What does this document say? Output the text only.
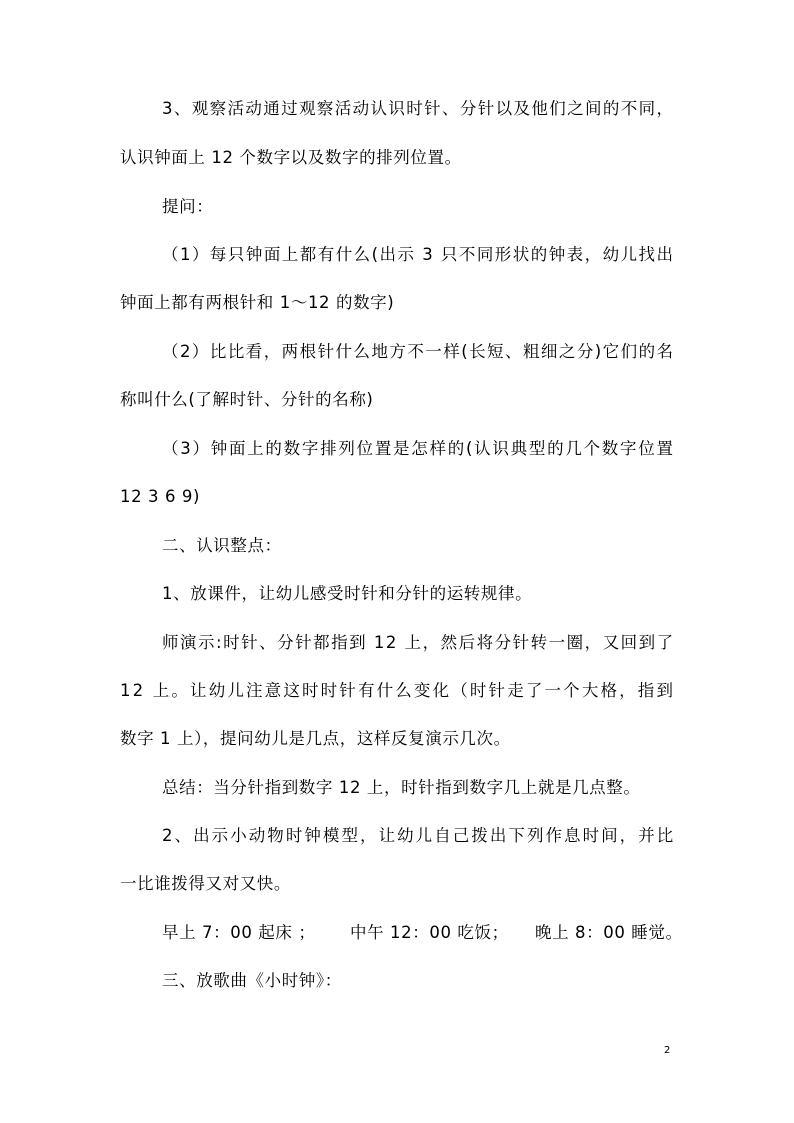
3 、 观 察 活 动 通 过 观 察 活 动 认 识 时 针 、 分 针 以 及 他 们 之 间 的 不 同 ，
认识钟面上 12 个数字以及数字的排列位置。
提问：
（ 1 ） 每 只 钟 面 上 都 有 什 么 ( 出 示
3
只 不 同 形 状 的 钟 表 ， 幼 儿 找 出
钟面上都有两根针和 1～12 的数字)
（ 2 ） 比 比 看 ， 两 根 针 什 么 地 方 不 一 样 ( 长 短 、 粗 细 之 分 ) 它 们 的 名
称叫什么(了解时针、分针的名称)
（ 3 ） 钟 面 上 的 数 字 排 列 位 置 是 怎 样 的 ( 认 识 典 型 的 几 个 数 字 位 置
12 3 6 9)
二、认识整点：
1、放课件，让幼儿感受时针和分针的运转规律。
师 演 示 : 时 针 、 分 针 都 指 到
1 2
上 ， 然 后 将 分 针 转 一 圈 ， 又 回 到 了
1 2
上 。 让 幼 儿 注 意 这 时 时 针 有 什 么 变 化 （ 时 针 走 了 一 个 大 格 ， 指 到
数字 1 上），提问幼儿是几点，这样反复演示几次。
总结：当分针指到数字 12 上，时针指到数字几上就是几点整。
2 、 出 示 小 动 物 时 钟 模 型 ， 让 幼 儿 自 己 拨 出 下 列 作 息 时 间 ， 并 比
一比谁拨得又对又快。
早上 7：00 起床 ； 中午 12：00 吃饭； 晚上 8：00 睡觉。
三、放歌曲《小时钟》：
2
